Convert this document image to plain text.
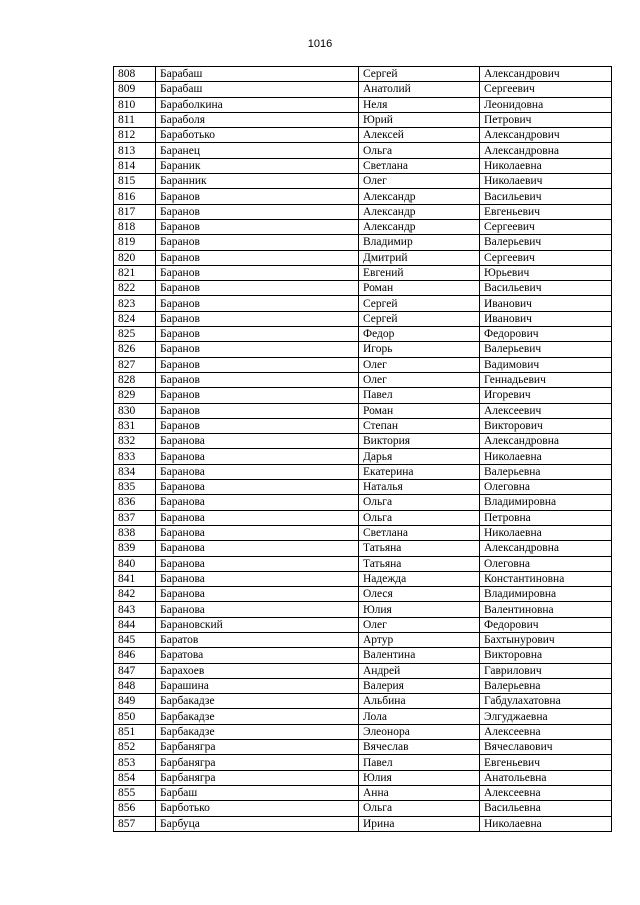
1016
808	Барабаш	Сергей	Александрович
809	Барабаш	Анатолий	Сергеевич
810	Бараболкина	Неля	Леонидовна
811	Бараболя	Юрий	Петрович
812	Баработько	Алексей	Александрович
813	Баранец	Ольга	Александровна
814	Бараник	Светлана	Николаевна
815	Баранник	Олег	Николаевич
816	Баранов	Александр	Васильевич
817	Баранов	Александр	Евгеньевич
818	Баранов	Александр	Сергеевич
819	Баранов	Владимир	Валерьевич
820	Баранов	Дмитрий	Сергеевич
821	Баранов	Евгений	Юрьевич
822	Баранов	Роман	Васильевич
823	Баранов	Сергей	Иванович
824	Баранов	Сергей	Иванович
825	Баранов	Федор	Федорович
826	Баранов	Игорь	Валерьевич
827	Баранов	Олег	Вадимович
828	Баранов	Олег	Геннадьевич
829	Баранов	Павел	Игоревич
830	Баранов	Роман	Алексеевич
831	Баранов	Степан	Викторович
832	Баранова	Виктория	Александровна
833	Баранова	Дарья	Николаевна
834	Баранова	Екатерина	Валерьевна
835	Баранова	Наталья	Олеговна
836	Баранова	Ольга	Владимировна
837	Баранова	Ольга	Петровна
838	Баранова	Светлана	Николаевна
839	Баранова	Татьяна	Александровна
840	Баранова	Татьяна	Олеговна
841	Баранова	Надежда	Константиновна
842	Баранова	Олеся	Владимировна
843	Баранова	Юлия	Валентиновна
844	Барановский	Олег	Федорович
845	Баратов	Артур	Бахтынурович
846	Баратова	Валентина	Викторовна
847	Барахоев	Андрей	Гаврилович
848	Барашина	Валерия	Валерьевна
849	Барбакадзе	Альбина	Габдулахатовна
850	Барбакадзе	Лола	Элгуджаевна
851	Барбакадзе	Элеонора	Алексеевна
852	Барбанягра	Вячеслав	Вячеславович
853	Барбанягра	Павел	Евгеньевич
854	Барбанягра	Юлия	Анатольевна
855	Барбаш	Анна	Алексеевна
856	Барботько	Ольга	Васильевна
857	Барбуца	Ирина	Николаевна
